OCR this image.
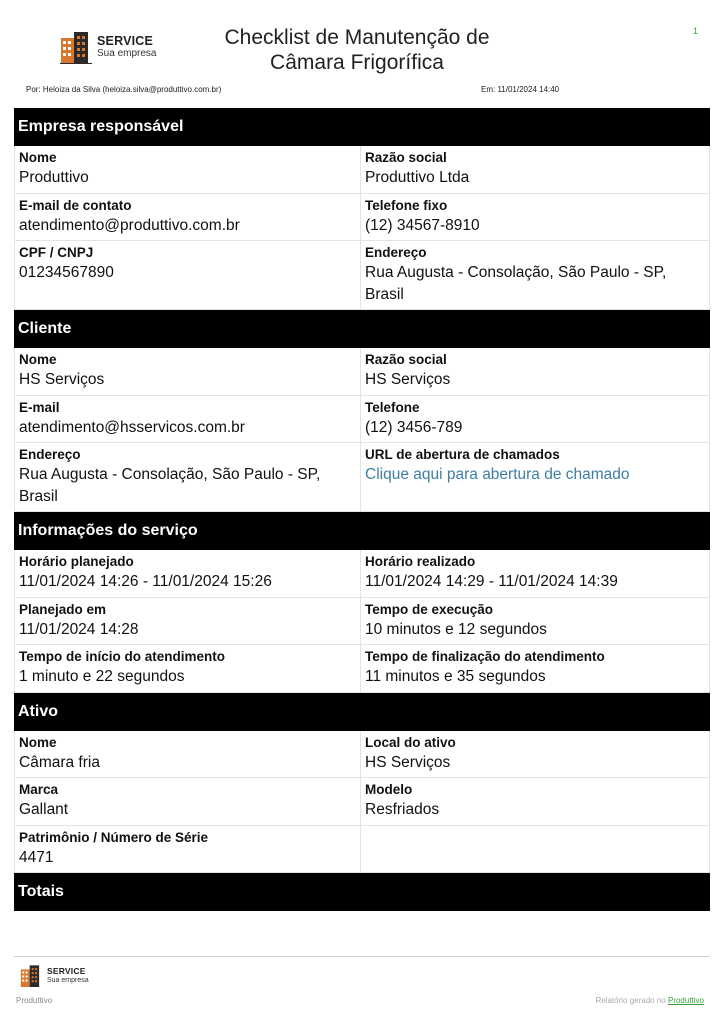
SERVICE
Sua empresa
Checklist de Manutenção de
Câmara Frigorífica
1
Por: Heloiza da Silva (heloiza.silva@produttivo.com.br)	Em: 11/01/2024 14:40
Empresa responsável
Nome
Produttivo
Razão social
Produttivo Ltda
E-mail de contato
atendimento@produttivo.com.br
Telefone fixo
(12) 34567-8910
CPF / CNPJ
01234567890
Endereço
Rua Augusta - Consolação, São Paulo - SP, Brasil
Cliente
Nome
HS Serviços
Razão social
HS Serviços
E-mail
atendimento@hsservicos.com.br
Telefone
(12) 3456-789
Endereço
Rua Augusta - Consolação, São Paulo - SP, Brasil
URL de abertura de chamados
Clique aqui para abertura de chamado
Informações do serviço
Horário planejado
11/01/2024 14:26 - 11/01/2024 15:26
Horário realizado
11/01/2024 14:29 - 11/01/2024 14:39
Planejado em
11/01/2024 14:28
Tempo de execução
10 minutos e 12 segundos
Tempo de início do atendimento
1 minuto e 22 segundos
Tempo de finalização do atendimento
11 minutos e 35 segundos
Ativo
Nome
Câmara fria
Local do ativo
HS Serviços
Marca
Gallant
Modelo
Resfriados
Patrimônio / Número de Série
4471
Totais
SERVICE
Sua empresa
Produttivo	Relatório gerado no Produttivo
